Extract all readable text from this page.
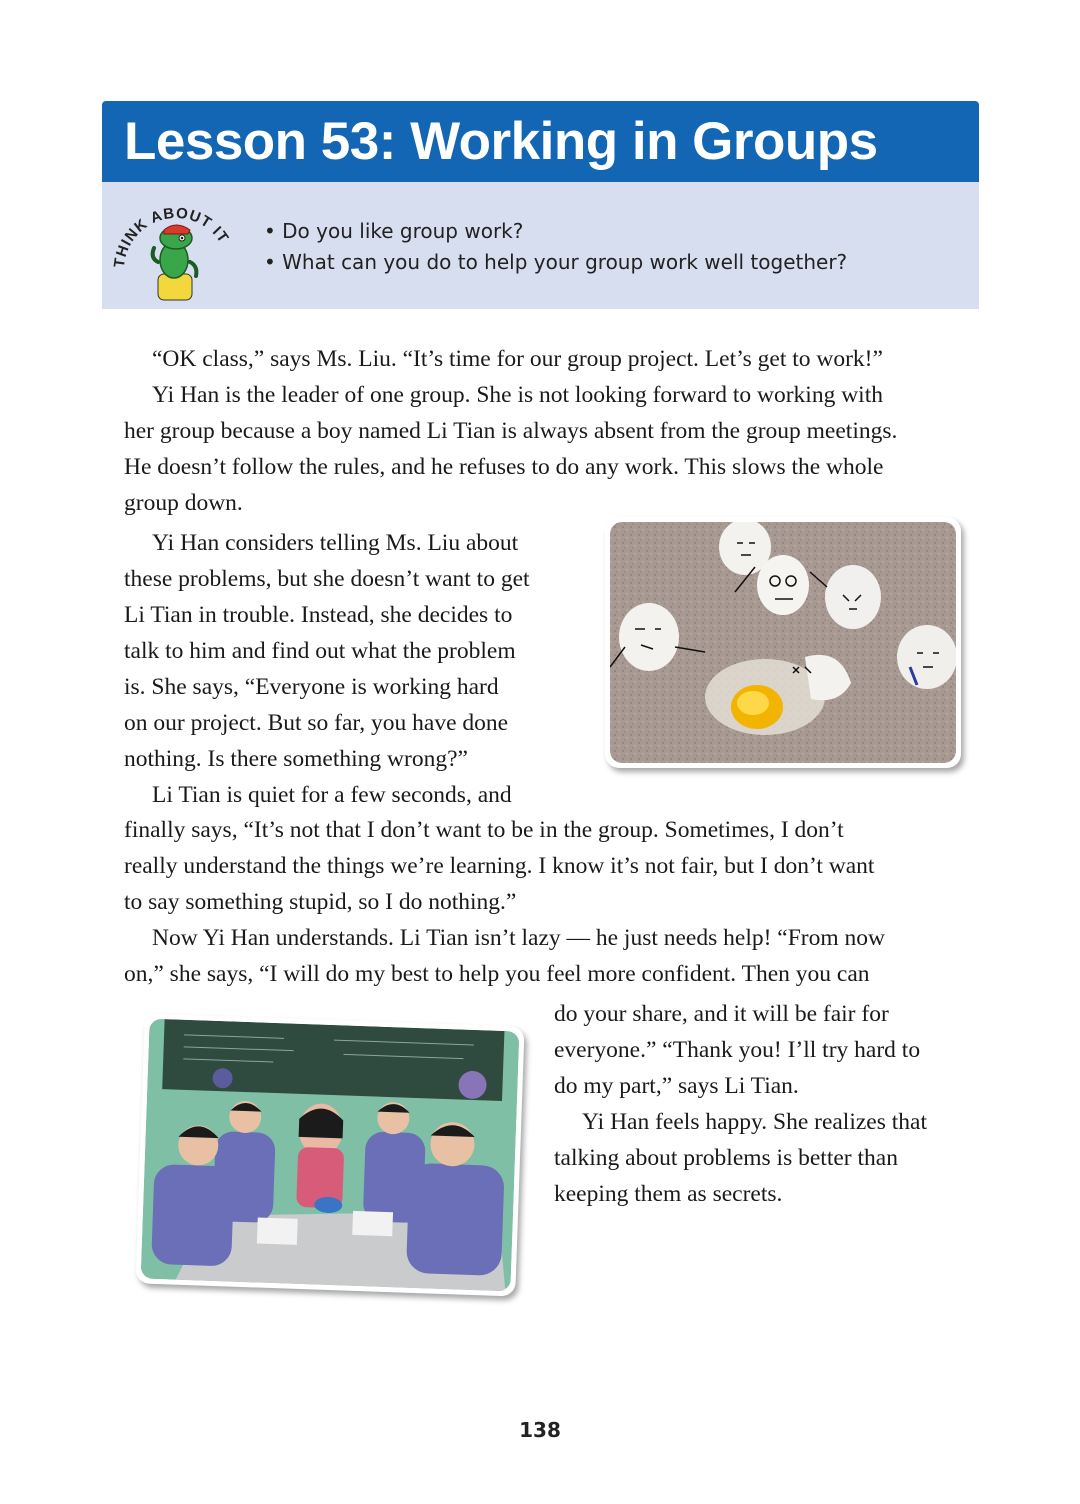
Lesson 53: Working in Groups
THINK ABOUT IT
•	Do you like group work?
• What can you do to help your group work well together?
“OK class,” says Ms. Liu. “It’s time for our group project. Let’s get to work!”
Yi Han is the leader of one group. She is not looking forward to working with
her group because a boy named Li Tian is always absent from the group meetings.
He doesn’t follow the rules, and he refuses to do any work. This slows the whole
group down.
Yi Han considers telling Ms. Liu about
these problems, but she doesn’t want to get
Li Tian in trouble. Instead, she decides to
talk to him and find out what the problem
is. She says, “Everyone is working hard
on our project. But so far, you have done
nothing. Is there something wrong?”
Li Tian is quiet for a few seconds, and
finally says, “It’s not that I don’t want to be in the group. Sometimes, I don’t
really understand the things we’re learning. I know it’s not fair, but I don’t want
to say something stupid, so I do nothing.”
Now Yi Han understands. Li Tian isn’t lazy — he just needs help! “From now
on,” she says, “I will do my best to help you feel more confident. Then you can
do your share, and it will be fair for
everyone.” “Thank you! I’ll try hard to
do my part,” says Li Tian.
Yi Han feels happy. She realizes that
talking about problems is better than
keeping them as secrets.
138
